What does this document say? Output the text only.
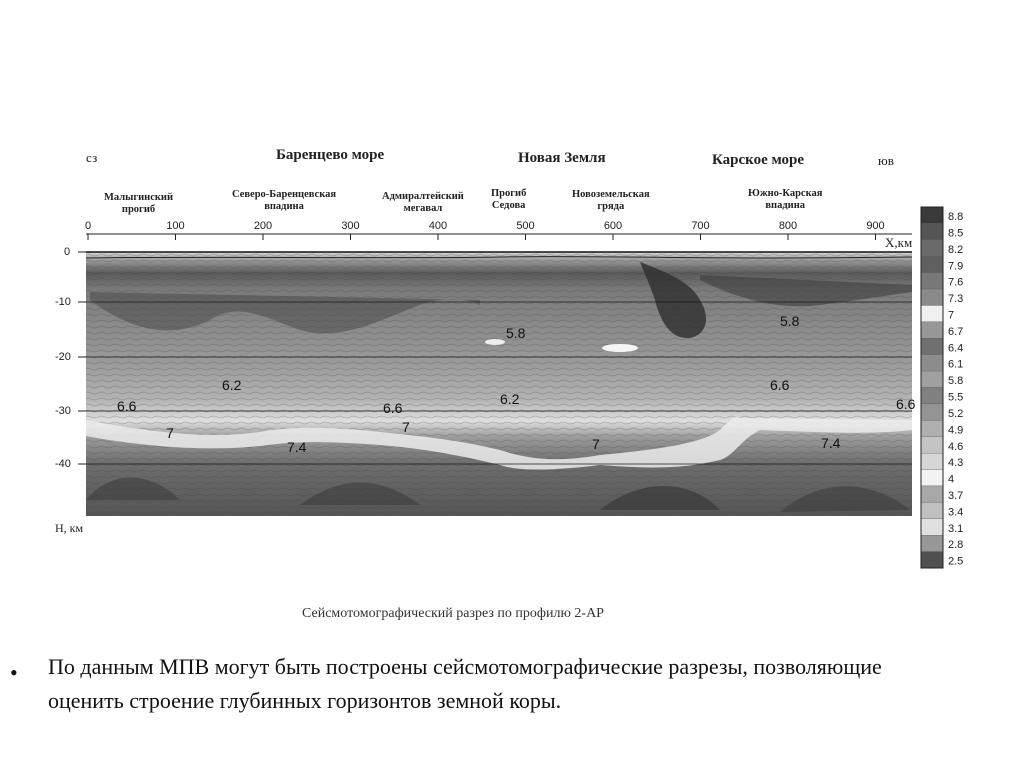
сз	юв
Баренцево море	Новая Земля	Карское море
Малыгинский
прогиб
Северо-Баренцевская
впадина
Адмиралтейский
мегавал
Прогиб
Седова
Новоземельская
гряда
Южно-Карская
впадина
0	100	200	300	400	500	600	700	800	900
5.8
5.8
6.2
6.2
6.6	6.6
6.6
6.6
7	7
7
7.4	7.4
0
-10
-20
-30
-40
Н, км
X,км
8.8
8.5
8.2
7.9
7.6
7.3
7
6.7
6.4
6.1
5.8
5.5
5.2
4.9
4.6
4.3
4
3.7
3.4
3.1
2.8
2.5
Сейсмотомографический разрез по профилю 2-АР
• По данным МПВ могут быть построены сейсмотомографические разрезы, позволяющие оценить строение глубинных горизонтов земной коры.
